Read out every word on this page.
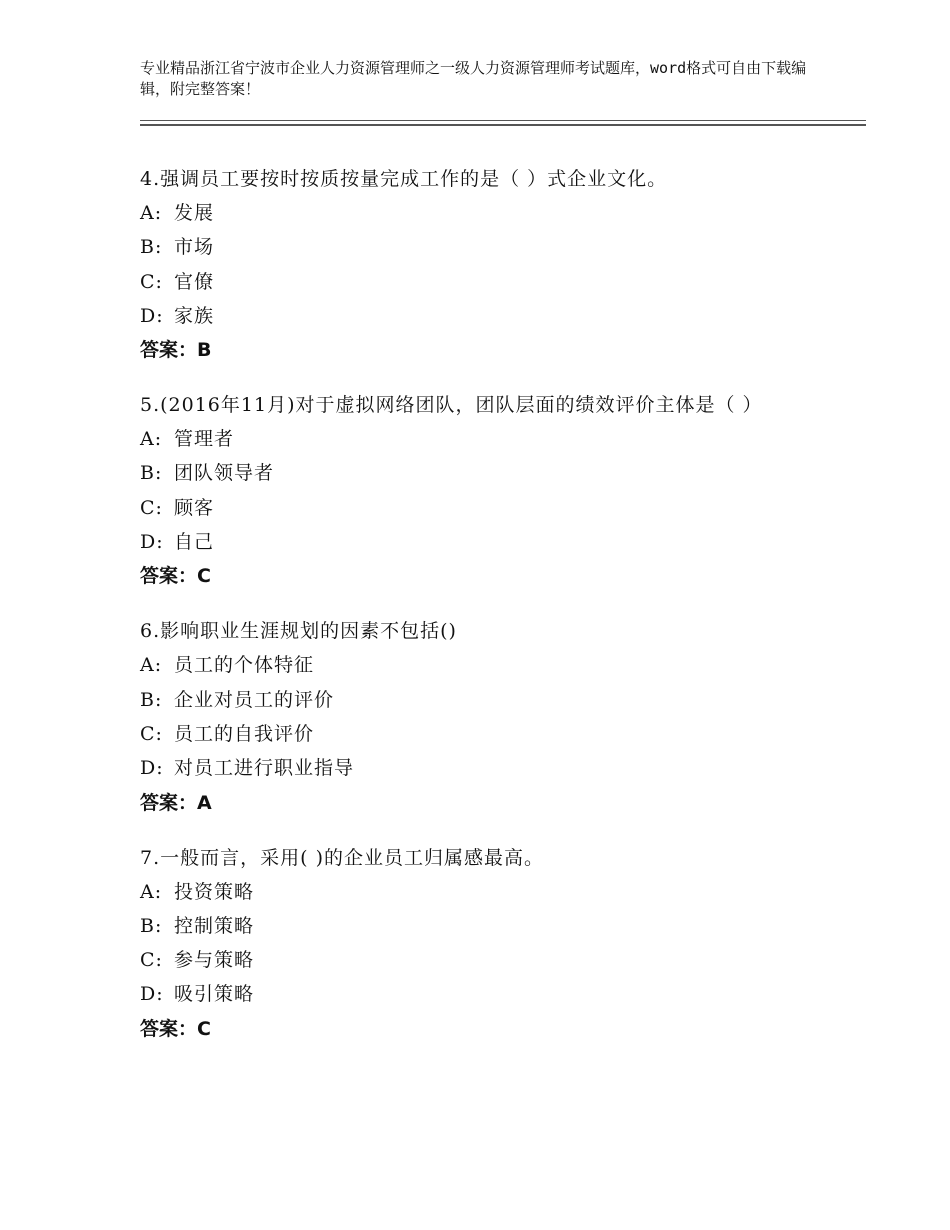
专业精品浙江省宁波市企业人力资源管理师之一级人力资源管理师考试题库，word格式可自由下载编辑，附完整答案！
4.强调员工要按时按质按量完成工作的是（ ）式企业文化。
A: 发展
B: 市场
C: 官僚
D: 家族
答案：B
5.(2016年11月)对于虚拟网络团队，团队层面的绩效评价主体是（ ）
A: 管理者
B: 团队领导者
C: 顾客
D: 自己
答案：C
6.影响职业生涯规划的因素不包括()
A: 员工的个体特征
B: 企业对员工的评价
C: 员工的自我评价
D: 对员工进行职业指导
答案：A
7.一般而言，采用( )的企业员工归属感最高。
A: 投资策略
B: 控制策略
C: 参与策略
D: 吸引策略
答案：C
